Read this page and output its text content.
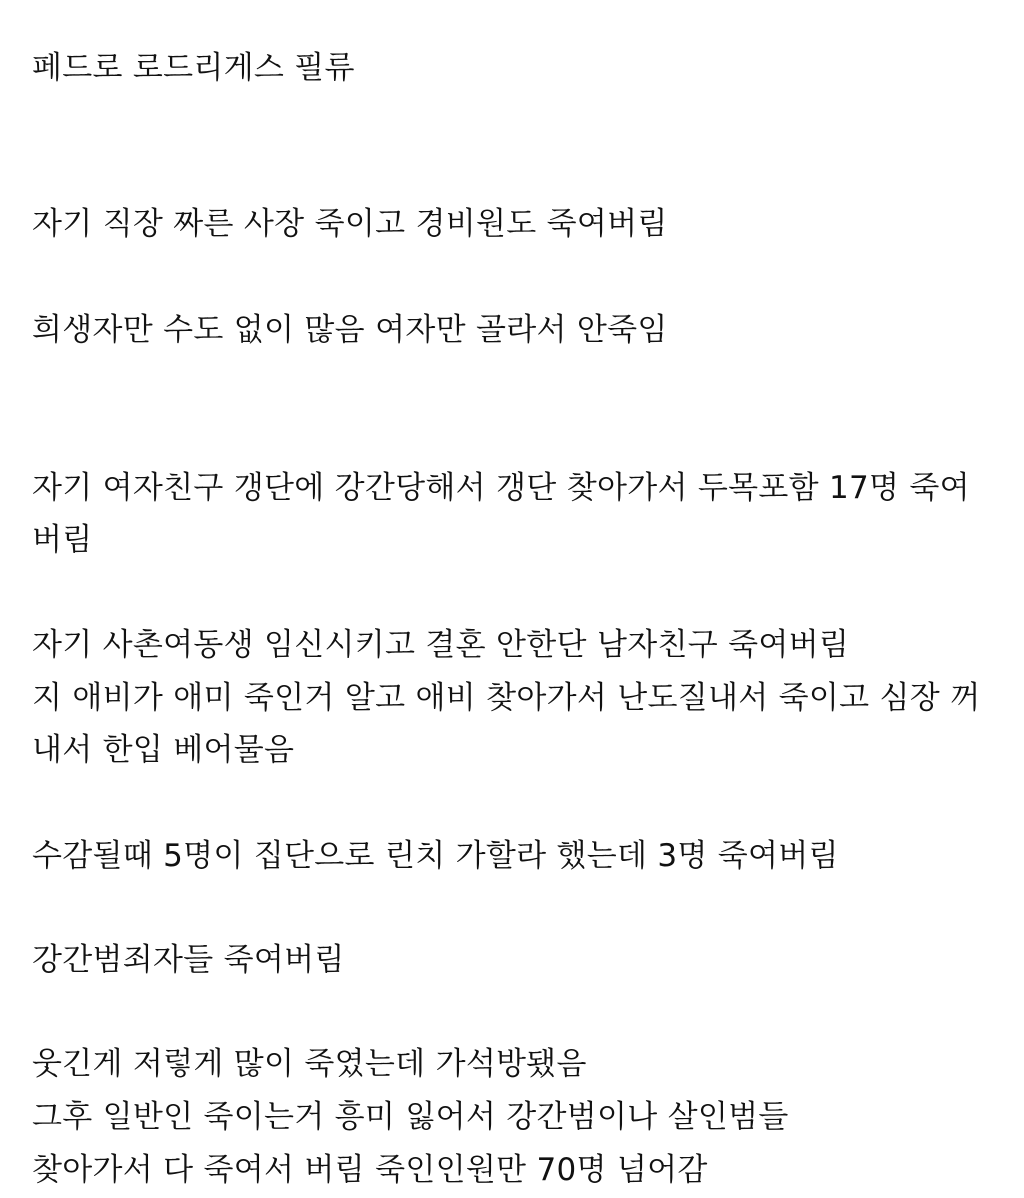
페드로 로드리게스 필류
자기 직장 짜른 사장 죽이고 경비원도 죽여버림
희생자만 수도 없이 많음 여자만 골라서 안죽임
자기 여자친구 갱단에 강간당해서 갱단 찾아가서 두목포함 17명 죽여
버림
자기 사촌여동생 임신시키고 결혼 안한단 남자친구 죽여버림
지 애비가 애미 죽인거 알고 애비 찾아가서 난도질내서 죽이고 심장 꺼
내서 한입 베어물음
수감될때 5명이 집단으로 린치 가할라 했는데 3명 죽여버림
강간범죄자들 죽여버림
웃긴게 저렇게 많이 죽였는데 가석방됐음
그후 일반인 죽이는거 흥미 잃어서 강간범이나 살인범들
찾아가서 다 죽여서 버림 죽인인원만 70명 넘어감
